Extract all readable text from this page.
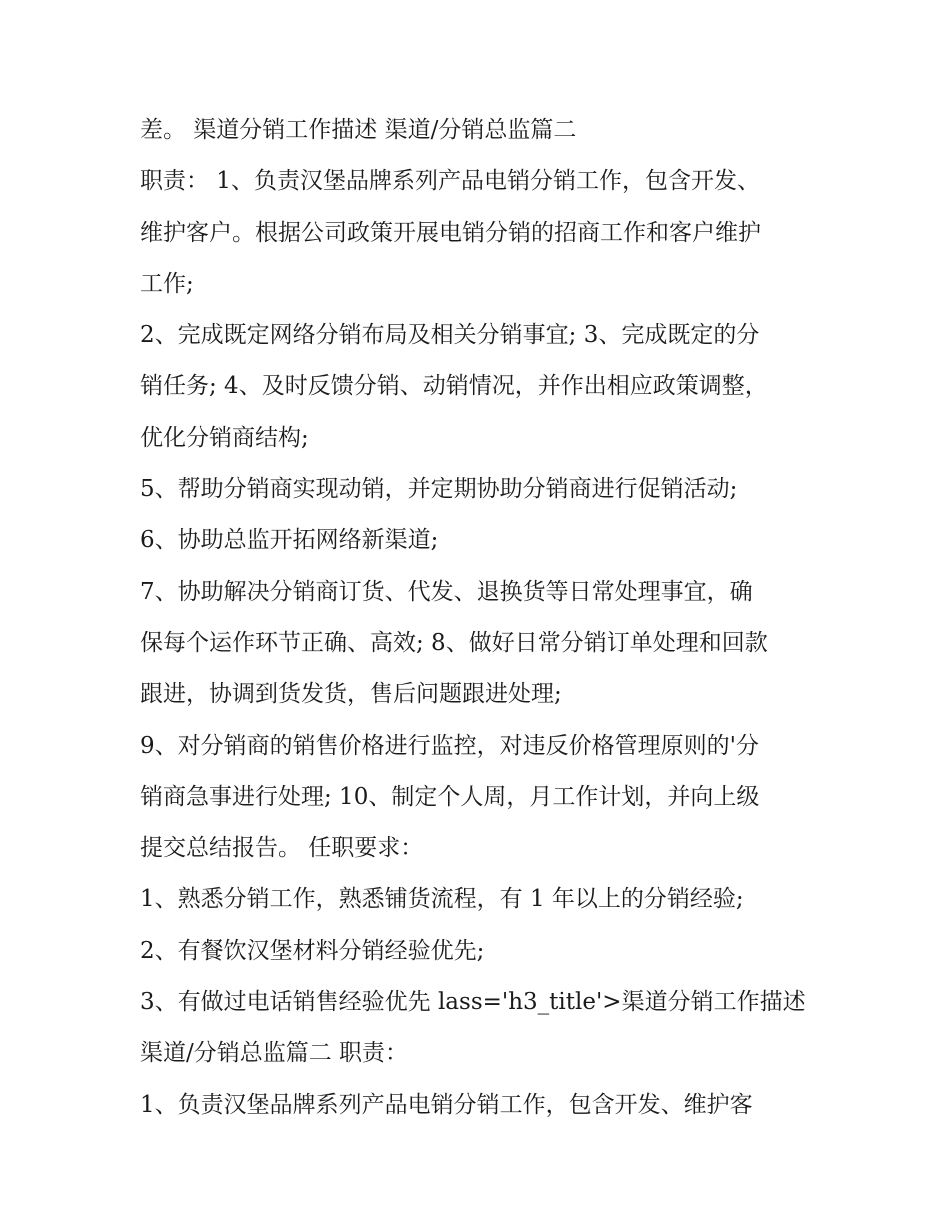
差。 渠道分销工作描述 渠道/分销总监篇二
职责： 1、负责汉堡品牌系列产品电销分销工作，包含开发、
维护客户。根据公司政策开展电销分销的招商工作和客户维护
工作;
2、完成既定网络分销布局及相关分销事宜; 3、完成既定的分
销任务; 4、及时反馈分销、动销情况，并作出相应政策调整，
优化分销商结构;
5、帮助分销商实现动销，并定期协助分销商进行促销活动;
6、协助总监开拓网络新渠道;
7、协助解决分销商订货、代发、退换货等日常处理事宜，确
保每个运作环节正确、高效; 8、做好日常分销订单处理和回款
跟进，协调到货发货，售后问题跟进处理;
9、对分销商的销售价格进行监控，对违反价格管理原则的'分
销商急事进行处理; 10、制定个人周，月工作计划，并向上级
提交总结报告。 任职要求：
1、熟悉分销工作，熟悉铺货流程，有 1 年以上的分销经验;
2、有餐饮汉堡材料分销经验优先;
3、有做过电话销售经验优先 lass='h3_title'>渠道分销工作描述
渠道/分销总监篇二 职责：
1、负责汉堡品牌系列产品电销分销工作，包含开发、维护客
